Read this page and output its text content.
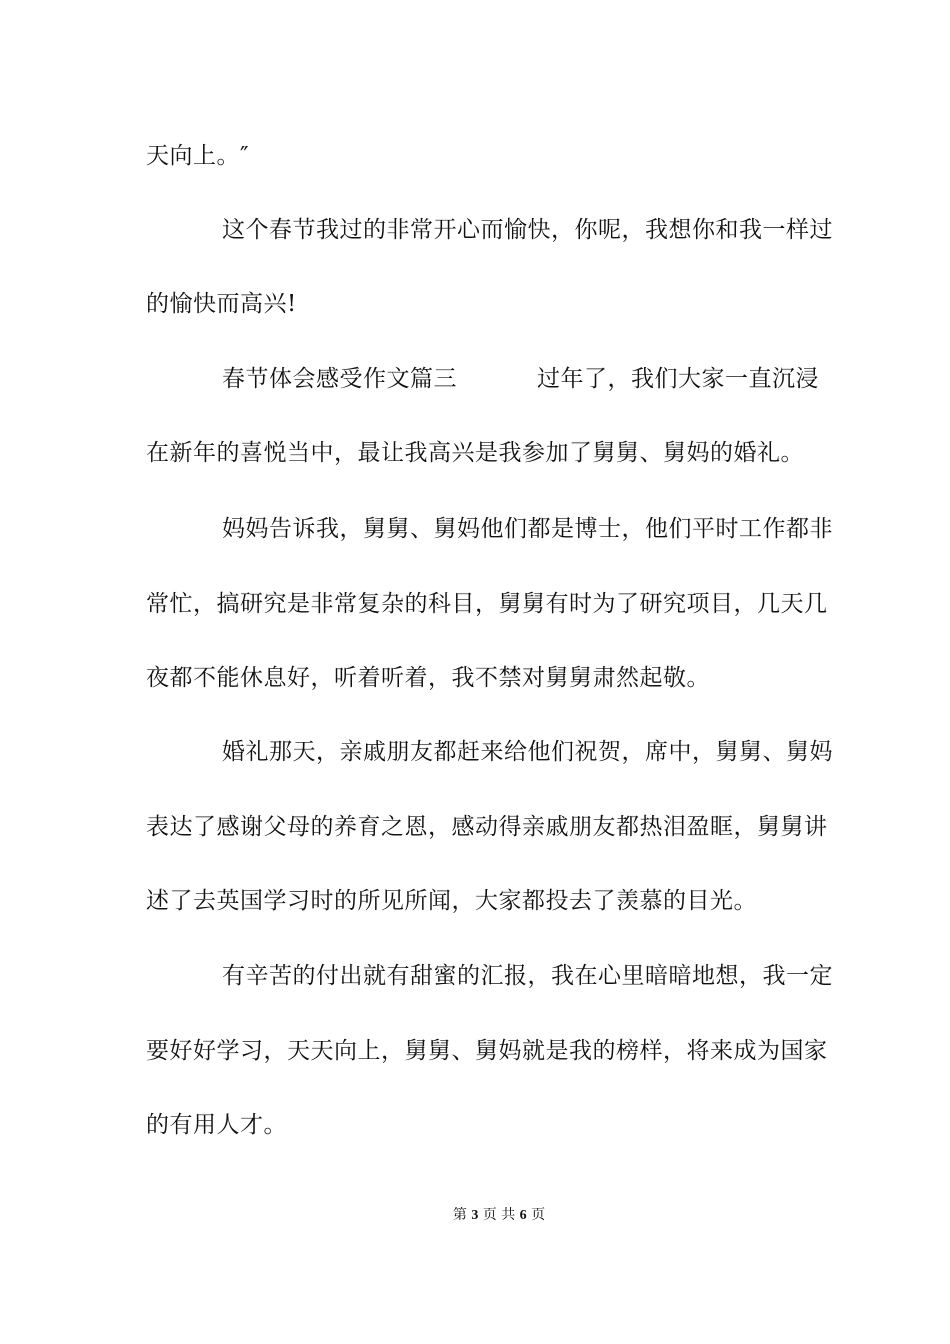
天向上。″
这个春节我过的非常开心而愉快，你呢，我想你和我一样过
的愉快而高兴!
春节体会感受作文篇三	过年了，我们大家一直沉浸
在新年的喜悦当中，最让我高兴是我参加了舅舅、舅妈的婚礼。
妈妈告诉我，舅舅、舅妈他们都是博士，他们平时工作都非
常忙，搞研究是非常复杂的科目，舅舅有时为了研究项目，几天几
夜都不能休息好，听着听着，我不禁对舅舅肃然起敬。
婚礼那天，亲戚朋友都赶来给他们祝贺，席中，舅舅、舅妈
表达了感谢父母的养育之恩，感动得亲戚朋友都热泪盈眶，舅舅讲
述了去英国学习时的所见所闻，大家都投去了羡慕的目光。
有辛苦的付出就有甜蜜的汇报，我在心里暗暗地想，我一定
要好好学习，天天向上，舅舅、舅妈就是我的榜样，将来成为国家
的有用人才。
第 3 页 共 6 页
